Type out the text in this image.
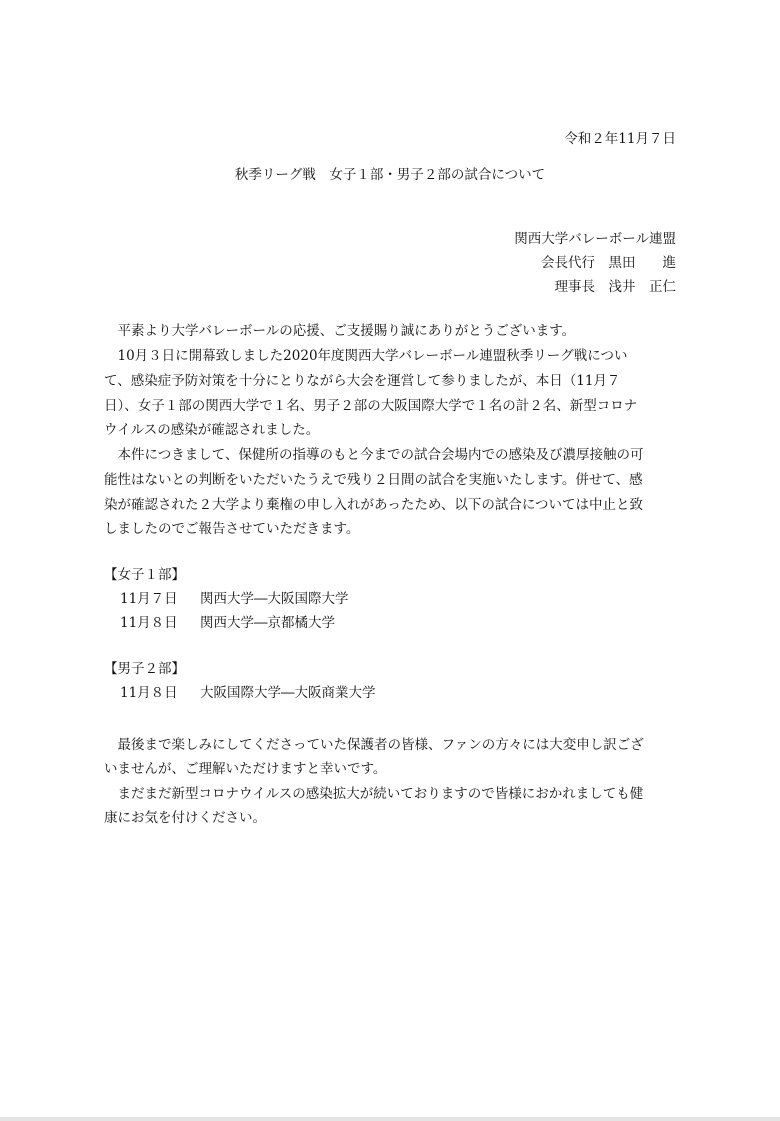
令和２年11月７日
秋季リーグ戦　女子１部・男子２部の試合について
関西大学バレーボール連盟
会長代行　黒田　　進
理事長　浅井　正仁
平素より大学バレーボールの応援、ご支援賜り誠にありがとうございます。
10月３日に開幕致しました2020年度関西大学バレーボール連盟秋季リーグ戦につい
て、感染症予防対策を十分にとりながら大会を運営して参りましたが、本日（11月７
日）、女子１部の関西大学で１名、男子２部の大阪国際大学で１名の計２名、新型コロナ
ウイルスの感染が確認されました。
本件につきまして、保健所の指導のもと今までの試合会場内での感染及び濃厚接触の可
能性はないとの判断をいただいたうえで残り２日間の試合を実施いたします。併せて、感
染が確認された２大学より棄権の申し入れがあったため、以下の試合については中止と致
しましたのでご報告させていただきます。
【女子１部】
11月７日 関西大学―大阪国際大学
11月８日 関西大学―京都橘大学
【男子２部】
11月８日 大阪国際大学―大阪商業大学
最後まで楽しみにしてくださっていた保護者の皆様、ファンの方々には大変申し訳ござ
いませんが、ご理解いただけますと幸いです。
まだまだ新型コロナウイルスの感染拡大が続いておりますので皆様におかれましても健
康にお気を付けください。
